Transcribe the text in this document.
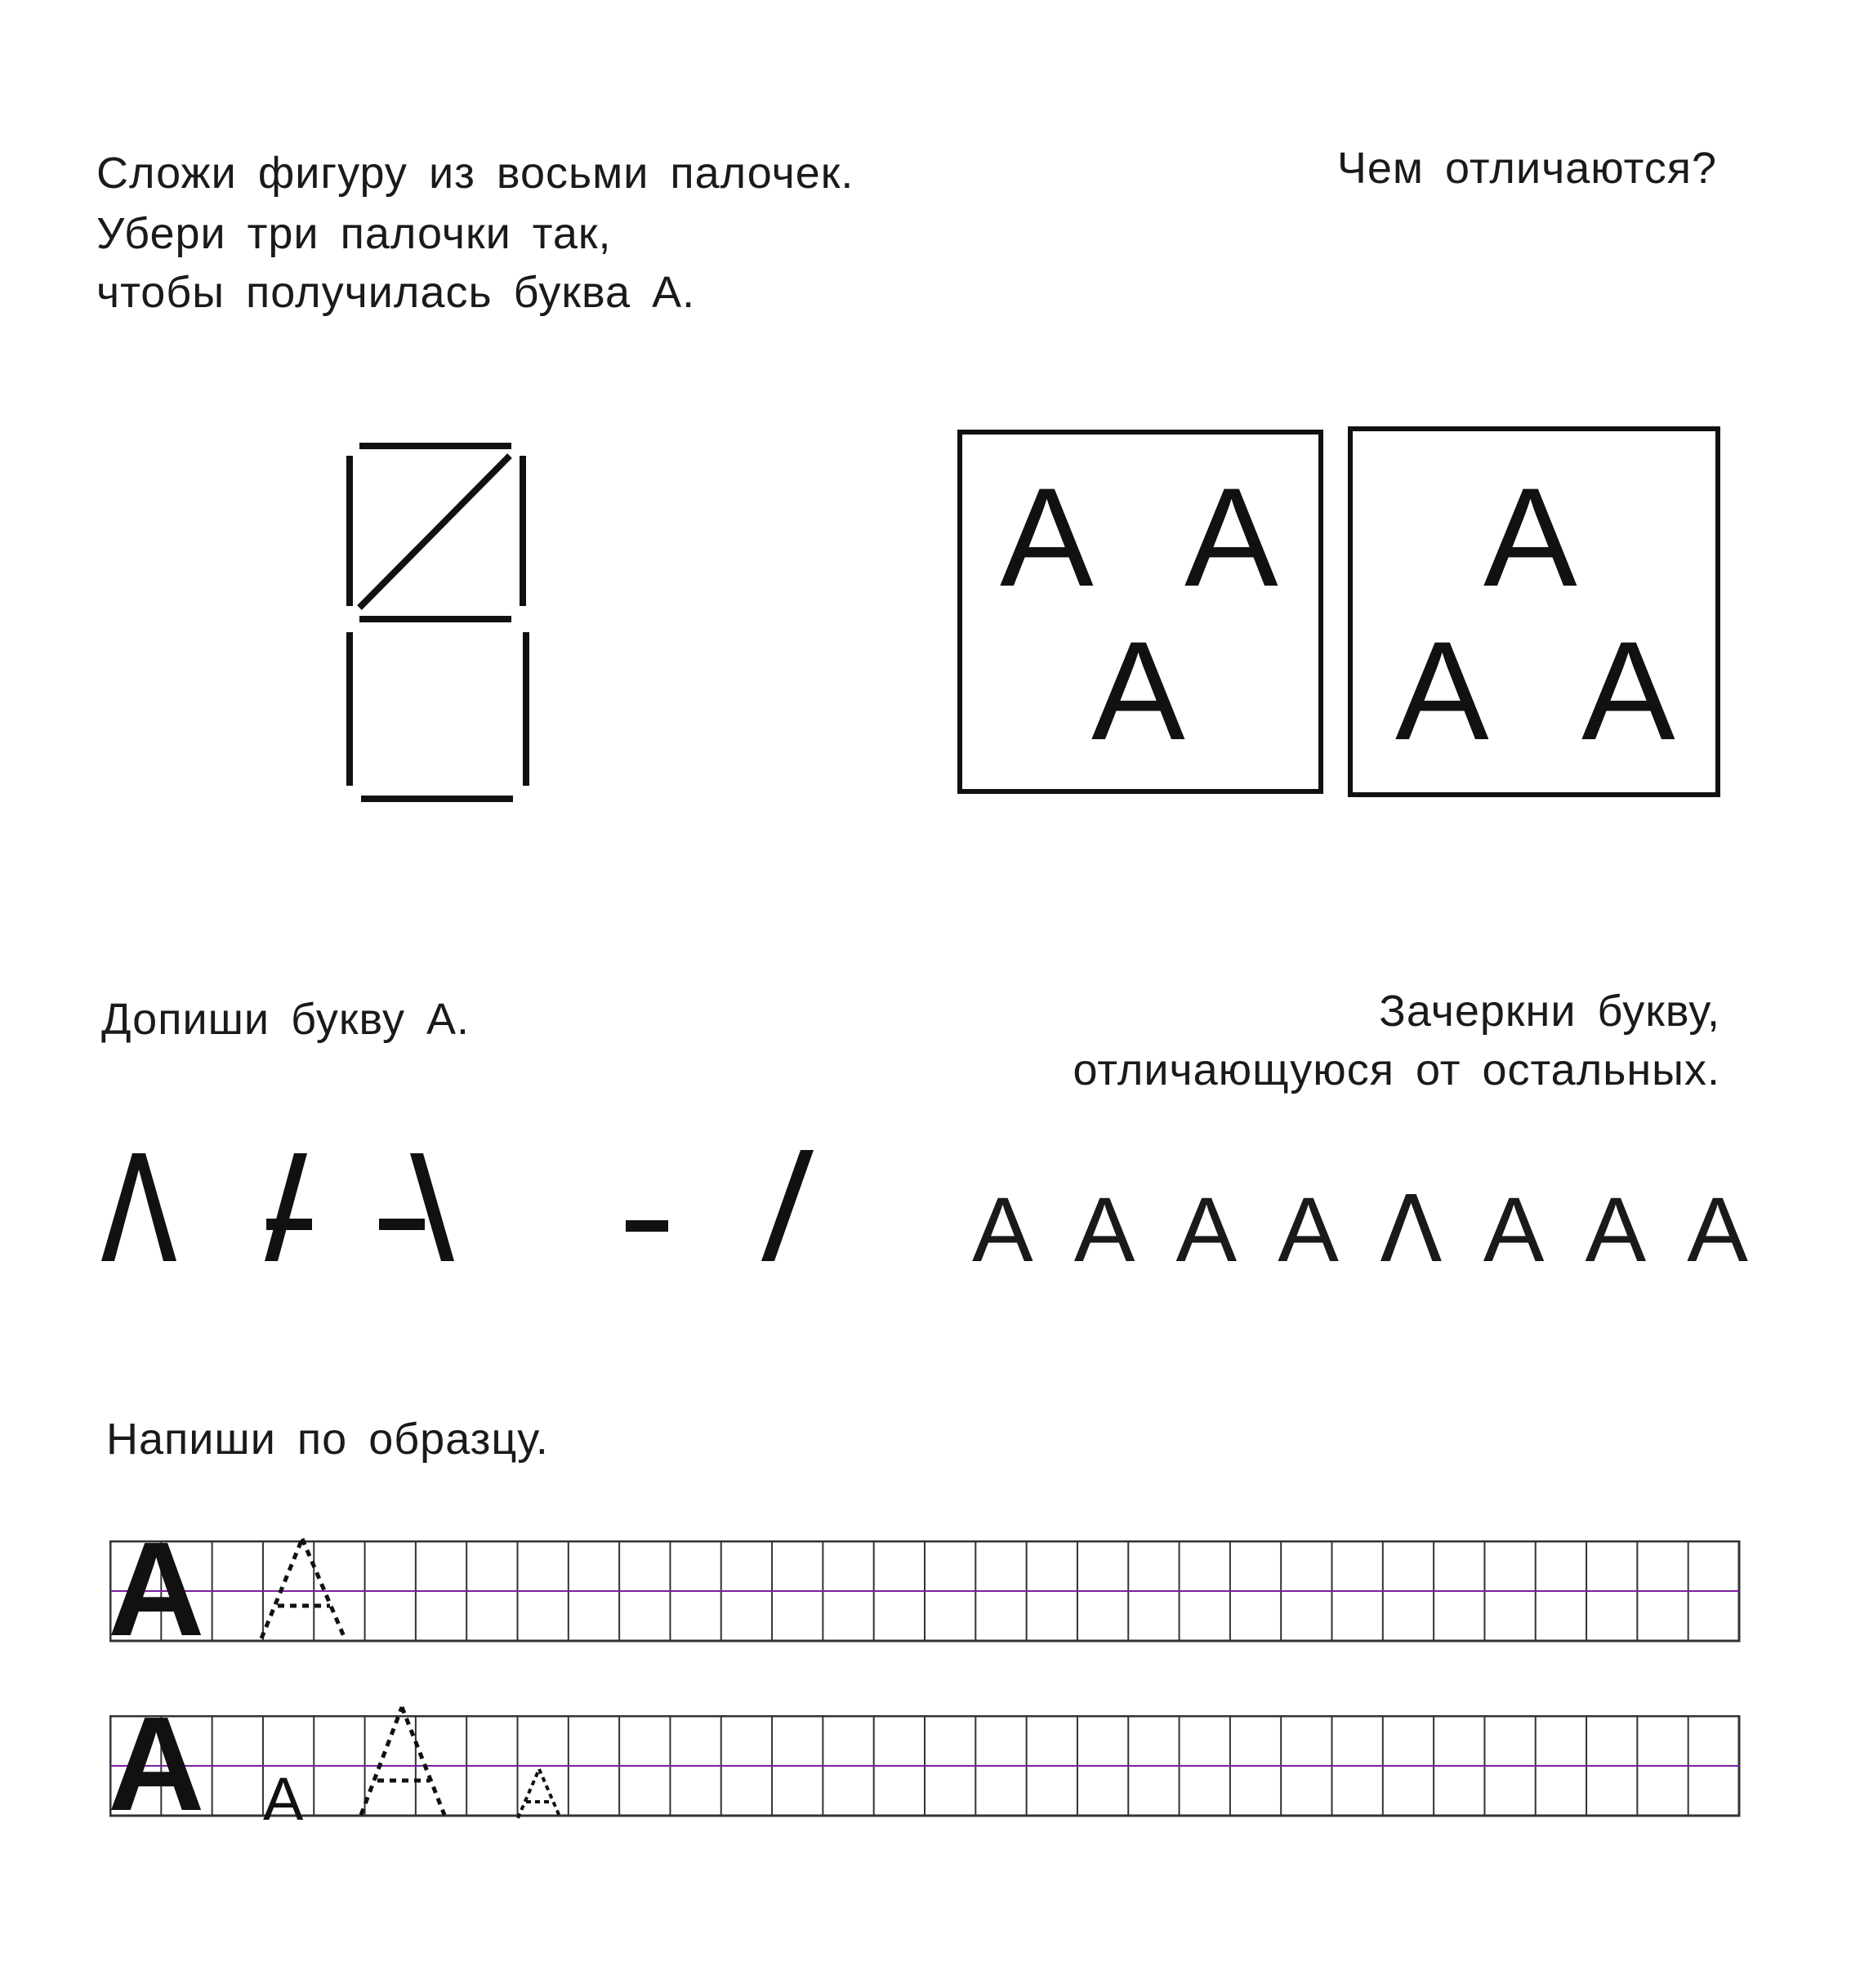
Сложи фигуру из восьми палочек.

Убери три палочки так,

чтобы получилась буква А.

Чем отличаются?

A A
A
A
A A

Допиши букву А.	Зачеркни букву,

отличающуюся от остальных.

A A A A Λ A A A

Напиши по образцу.

A
A A
